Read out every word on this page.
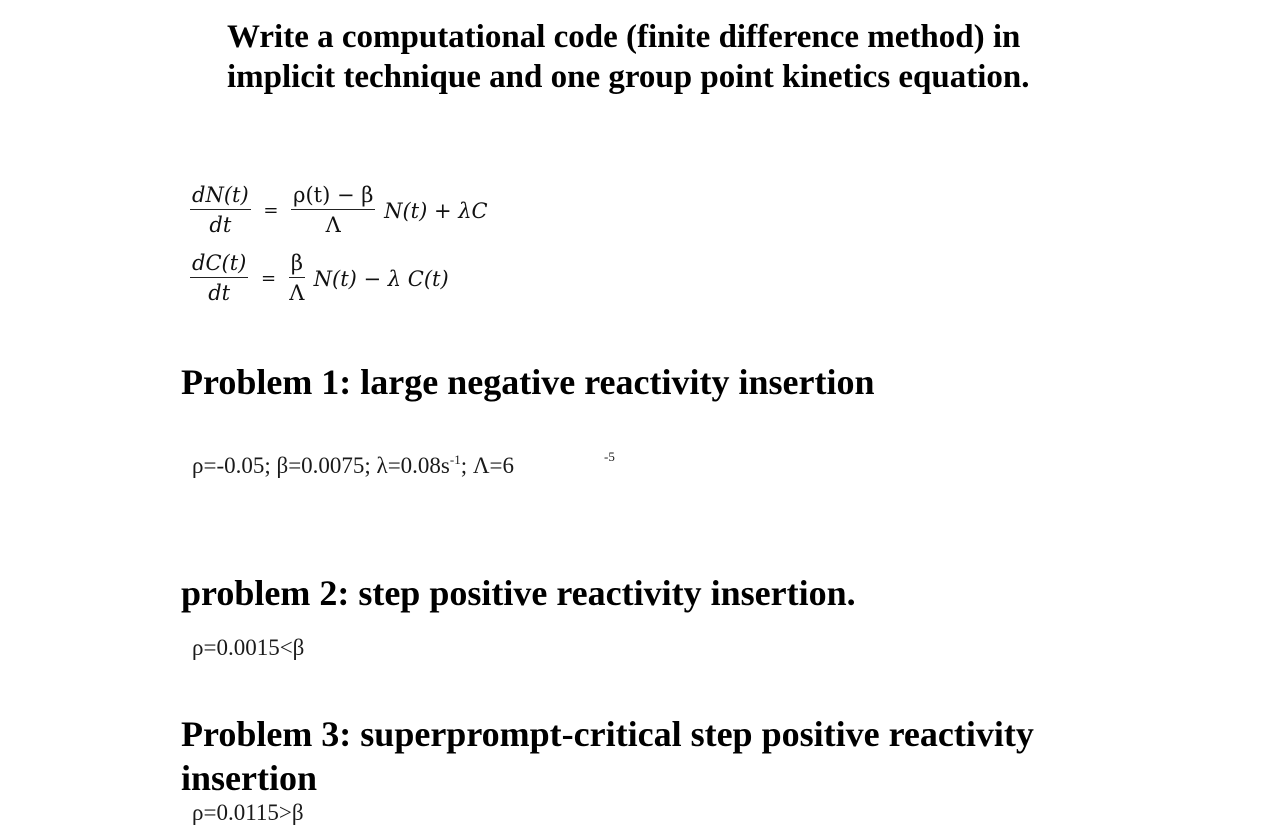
Write a computational code (finite difference method) in
implicit technique and one group point kinetics equation.
$\frac{dN(t)}{dt} = \frac{\rho(t) - \beta}{\Lambda} N(t) + \lambda C$
$\frac{dC(t)}{dt} = \frac{\beta}{\Lambda} N(t) - \lambda$ C(t)
Problem 1: large negative reactivity insertion
ρ=-0.05; β=0.0075; $\lambda=0.08s^{-1}$; Λ=6	-5
problem 2: step positive reactivity insertion.
ρ=0.0015<β
Problem 3: superprompt-critical step positive reactivity
insertion
ρ=0.0115>β
